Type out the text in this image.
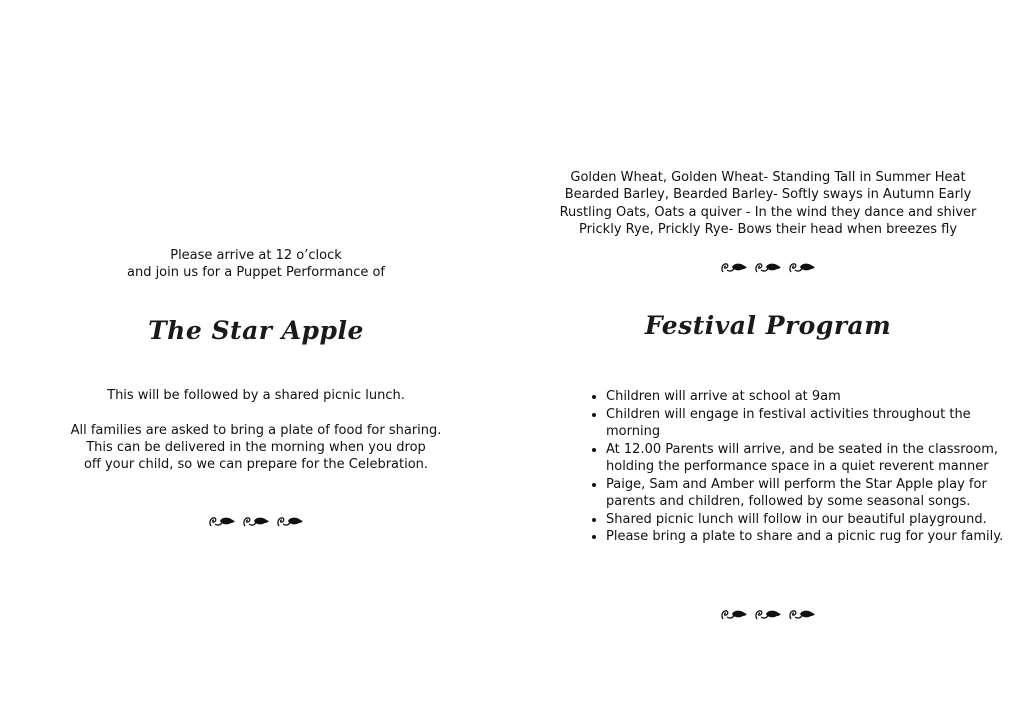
Please arrive at 12 o’clock
and join us for a Puppet Performance of
The Star Apple
This will be followed by a shared picnic lunch.
All families are asked to bring a plate of food for sharing.
This can be delivered in the morning when you drop
off your child, so we can prepare for the Celebration.
Golden Wheat, Golden Wheat- Standing Tall in Summer Heat
Bearded Barley, Bearded Barley- Softly sways in Autumn Early
Rustling Oats, Oats a quiver - In the wind they dance and shiver
Prickly Rye, Prickly Rye- Bows their head when breezes fly
Festival Program
• Children will arrive at school at 9am
• Children will engage in festival activities throughout the morning
• At 12.00 Parents will arrive, and be seated in the classroom, holding the performance space in a quiet reverent manner
• Paige, Sam and Amber will perform the Star Apple play for parents and children, followed by some seasonal songs.
• Shared picnic lunch will follow in our beautiful playground.
• Please bring a plate to share and a picnic rug for your family.
